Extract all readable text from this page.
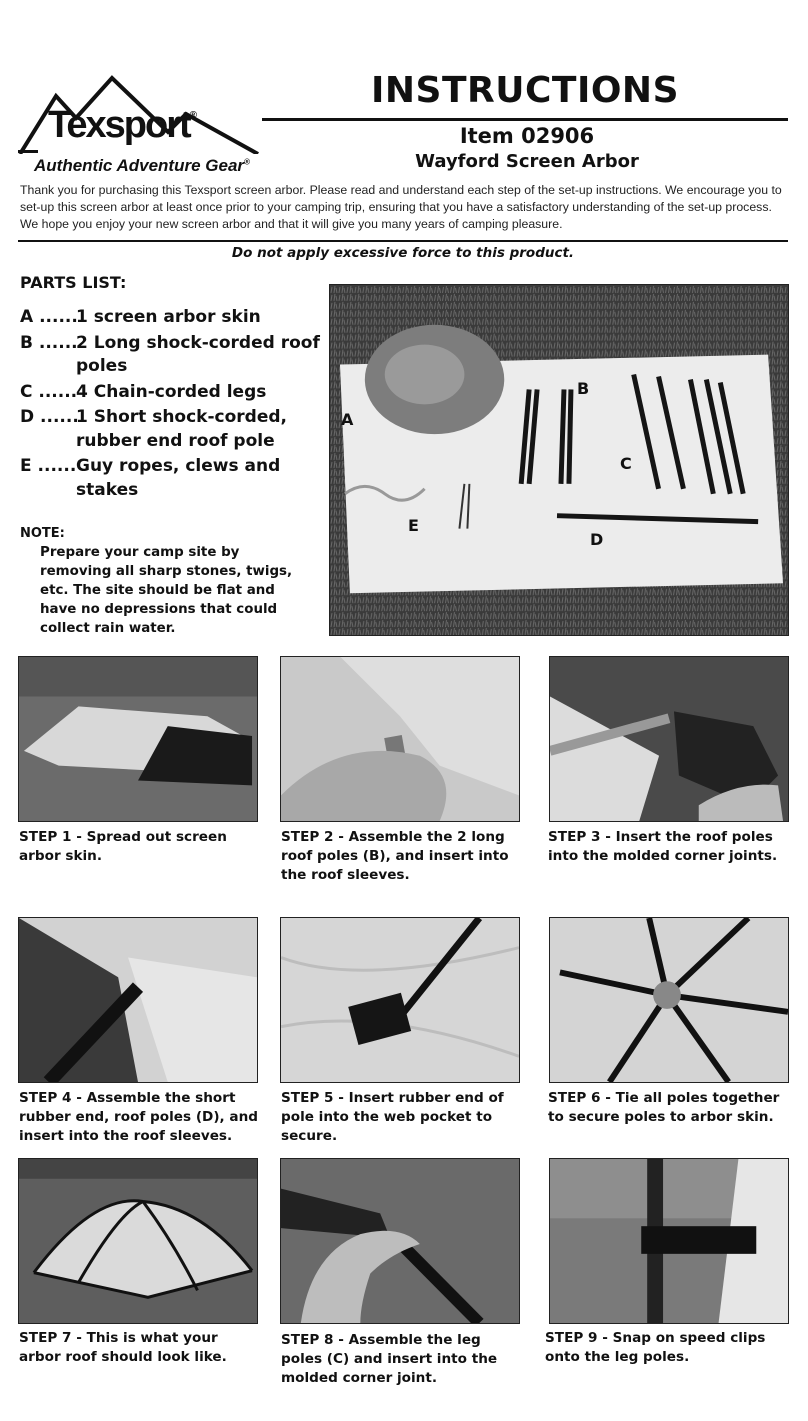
Texsport®
Authentic Adventure Gear®
INSTRUCTIONS
Item 02906
Wayford Screen Arbor

Thank you for purchasing this Texsport screen arbor. Please read and understand each step of the set-up instructions. We encourage you to set-up this screen arbor at least once prior to your camping trip, ensuring that you have a satisfactory understanding of the set-up process. We hope you enjoy your new screen arbor and that it will give you many years of camping pleasure.

Do not apply excessive force to this product.
PARTS LIST:
A ......
1 screen arbor skin
B ......
2 Long shock-corded roof poles
C ......
4 Chain-corded legs
D ......
1 Short shock-corded, rubber end roof pole
E ...... Guy ropes, clews and stakes
NOTE:

Prepare your camp site by removing all sharp stones, twigs, etc. The site should be flat and have no depressions that could collect rain water.

A
B
C
D
E
STEP 1 - Spread out screen arbor skin.
STEP 2 - Assemble the 2 long roof poles (B), and insert into the roof sleeves.
STEP 3 - Insert the roof poles into the molded corner joints.
STEP 4 - Assemble the short rubber end, roof poles (D), and insert into the roof sleeves.
STEP 5 - Insert rubber end of pole into the web pocket to secure.
STEP 6 - Tie all poles together to secure poles to arbor skin.
STEP 7 - This is what your arbor roof should look like.
STEP 8 - Assemble the leg poles (C) and insert into the molded corner joint.
STEP 9 - Snap on speed clips onto the leg poles.
